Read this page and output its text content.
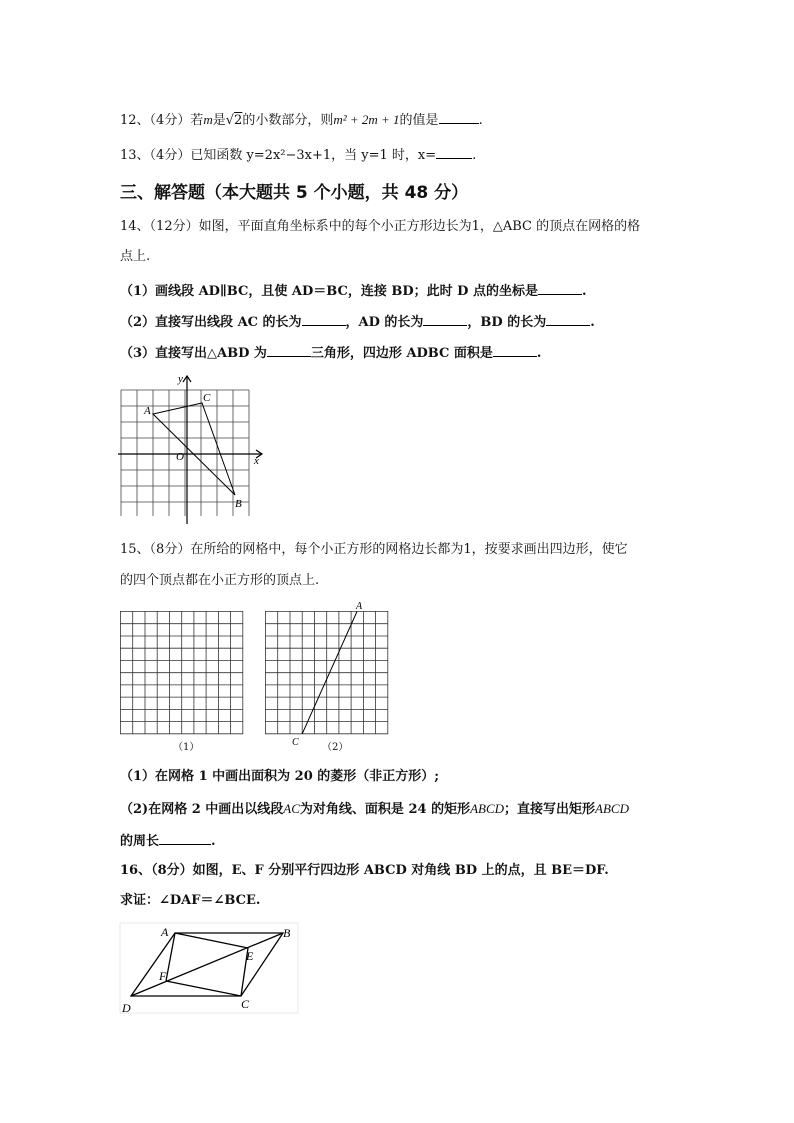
12、（4分）若m是√2的小数部分，则m² + 2m + 1的值是	.
13、（4分）已知函数 y=2x²−3x+1，当 y=1 时，x=	.
三、解答题（本大题共 5 个小题，共 48 分）
14、（12分）如图，平面直角坐标系中的每个小正方形边长为1，△ABC 的顶点在网格的格
点上.
（1）画线段 AD∥BC，且使 AD＝BC，连接 BD；此时 D 点的坐标是	.
（2）直接写出线段 AC 的长为	，AD 的长为	，BD 的长为	.
（3）直接写出△ABD 为	三角形，四边形 ADBC 面积是	.
y
x
O
A
C
B
15、（8分）在所给的网格中，每个小正方形的网格边长都为1，按要求画出四边形，使它
的四个顶点都在小正方形的顶点上.
A
C
（1）	（2）
（1）在网格 1 中画出面积为 20 的菱形（非正方形）;
（2)在网格 2 中画出以线段AC为对角线、面积是 24 的矩形ABCD；直接写出矩形ABCD
的周长	.
16、（8分）如图，E、F 分别平行四边形 ABCD 对角线 BD 上的点，且 BE＝DF.
求证：∠DAF＝∠BCE.
A	B
C
D
E
F
